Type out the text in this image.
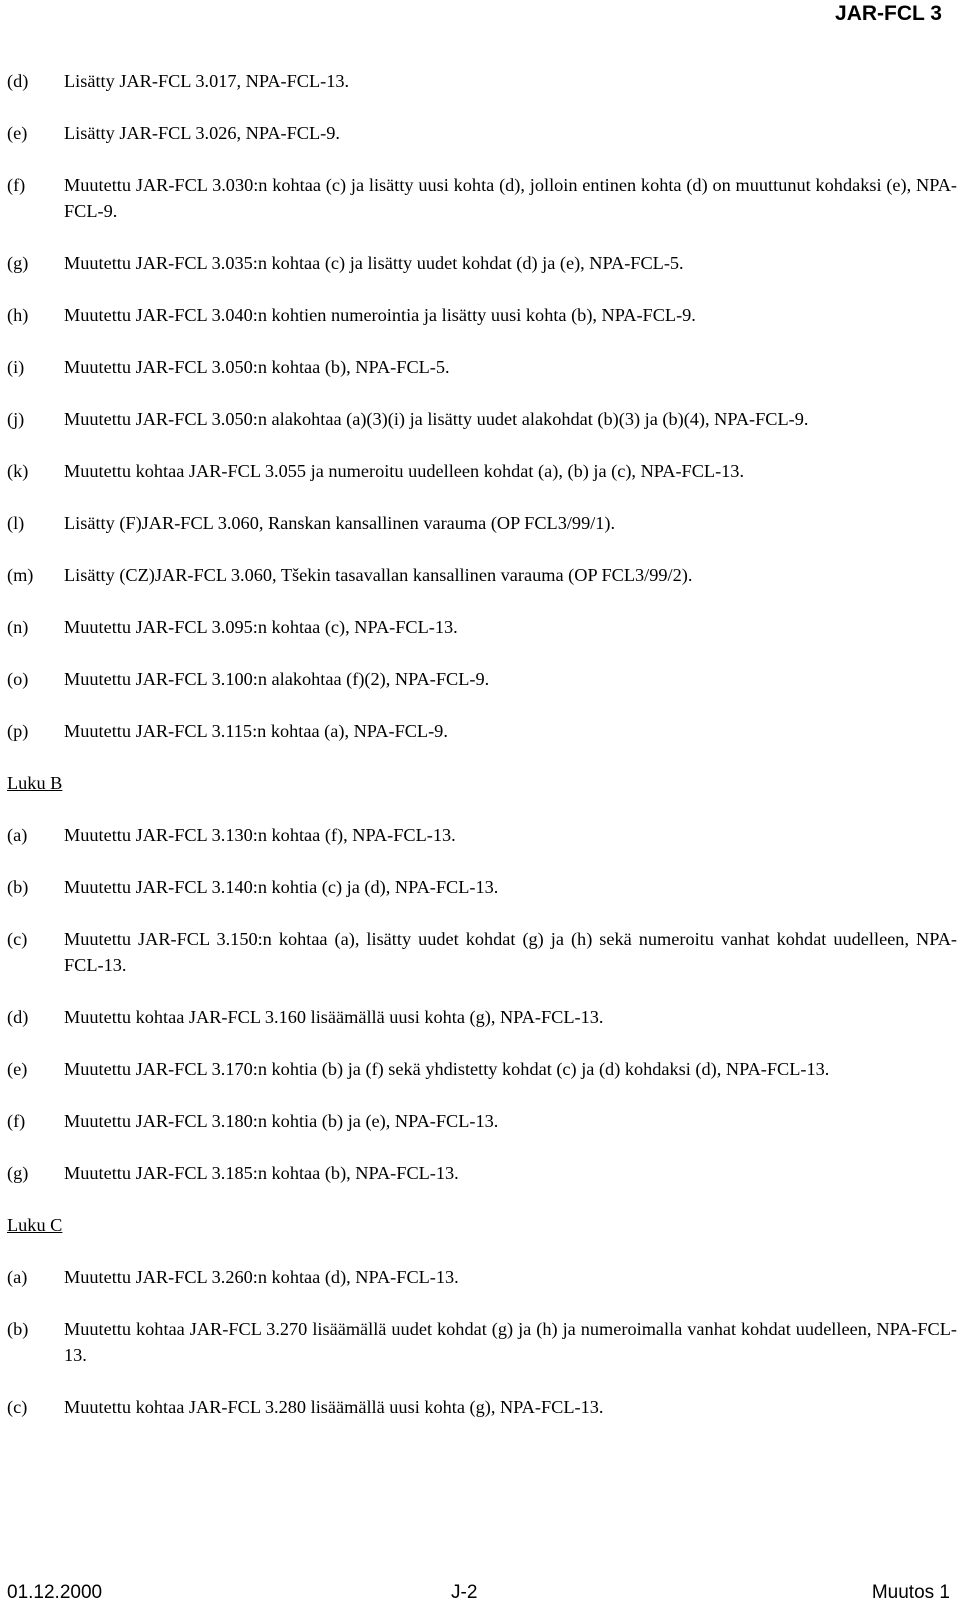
JAR-FCL 3
(d)	Lisätty JAR-FCL 3.017, NPA-FCL-13.
(e)	Lisätty JAR-FCL 3.026, NPA-FCL-9.
(f)	Muutettu JAR-FCL 3.030:n kohtaa (c) ja lisätty uusi kohta (d), jolloin entinen kohta (d) on muuttunut kohdaksi (e), NPA-FCL-9.
(g)	Muutettu JAR-FCL 3.035:n kohtaa (c) ja lisätty uudet kohdat (d) ja (e), NPA-FCL-5.
(h)	Muutettu JAR-FCL 3.040:n kohtien numerointia ja lisätty uusi kohta (b), NPA-FCL-9.
(i)	Muutettu JAR-FCL 3.050:n kohtaa (b), NPA-FCL-5.
(j)	Muutettu JAR-FCL 3.050:n alakohtaa (a)(3)(i) ja lisätty uudet alakohdat (b)(3) ja (b)(4), NPA-FCL-9.
(k)	Muutettu kohtaa JAR-FCL 3.055 ja numeroitu uudelleen kohdat (a), (b) ja (c), NPA-FCL-13.
(l)	Lisätty (F)JAR-FCL 3.060, Ranskan kansallinen varauma (OP FCL3/99/1).
(m)	Lisätty (CZ)JAR-FCL 3.060, Tšekin tasavallan kansallinen varauma (OP FCL3/99/2).
(n)	Muutettu JAR-FCL 3.095:n kohtaa (c), NPA-FCL-13.
(o)	Muutettu JAR-FCL 3.100:n alakohtaa (f)(2), NPA-FCL-9.
(p)	Muutettu JAR-FCL 3.115:n kohtaa (a), NPA-FCL-9.
Luku B
(a)	Muutettu JAR-FCL 3.130:n kohtaa (f), NPA-FCL-13.
(b)	Muutettu JAR-FCL 3.140:n kohtia (c) ja (d), NPA-FCL-13.
(c)	Muutettu JAR-FCL 3.150:n kohtaa (a), lisätty uudet kohdat (g) ja (h) sekä numeroitu vanhat kohdat uudelleen, NPA-FCL-13.
(d)	Muutettu kohtaa JAR-FCL 3.160 lisäämällä uusi kohta (g), NPA-FCL-13.
(e)	Muutettu JAR-FCL 3.170:n kohtia (b) ja (f) sekä yhdistetty kohdat (c) ja (d) kohdaksi (d), NPA-FCL-13.
(f)	Muutettu JAR-FCL 3.180:n kohtia (b) ja (e), NPA-FCL-13.
(g)	Muutettu JAR-FCL 3.185:n kohtaa (b), NPA-FCL-13.
Luku C
(a)	Muutettu JAR-FCL 3.260:n kohtaa (d), NPA-FCL-13.
(b)	Muutettu kohtaa JAR-FCL 3.270 lisäämällä uudet kohdat (g) ja (h) ja numeroimalla vanhat kohdat uudelleen, NPA-FCL-13.
(c)	Muutettu kohtaa JAR-FCL 3.280 lisäämällä uusi kohta (g), NPA-FCL-13.
01.12.2000	J-2	Muutos 1
